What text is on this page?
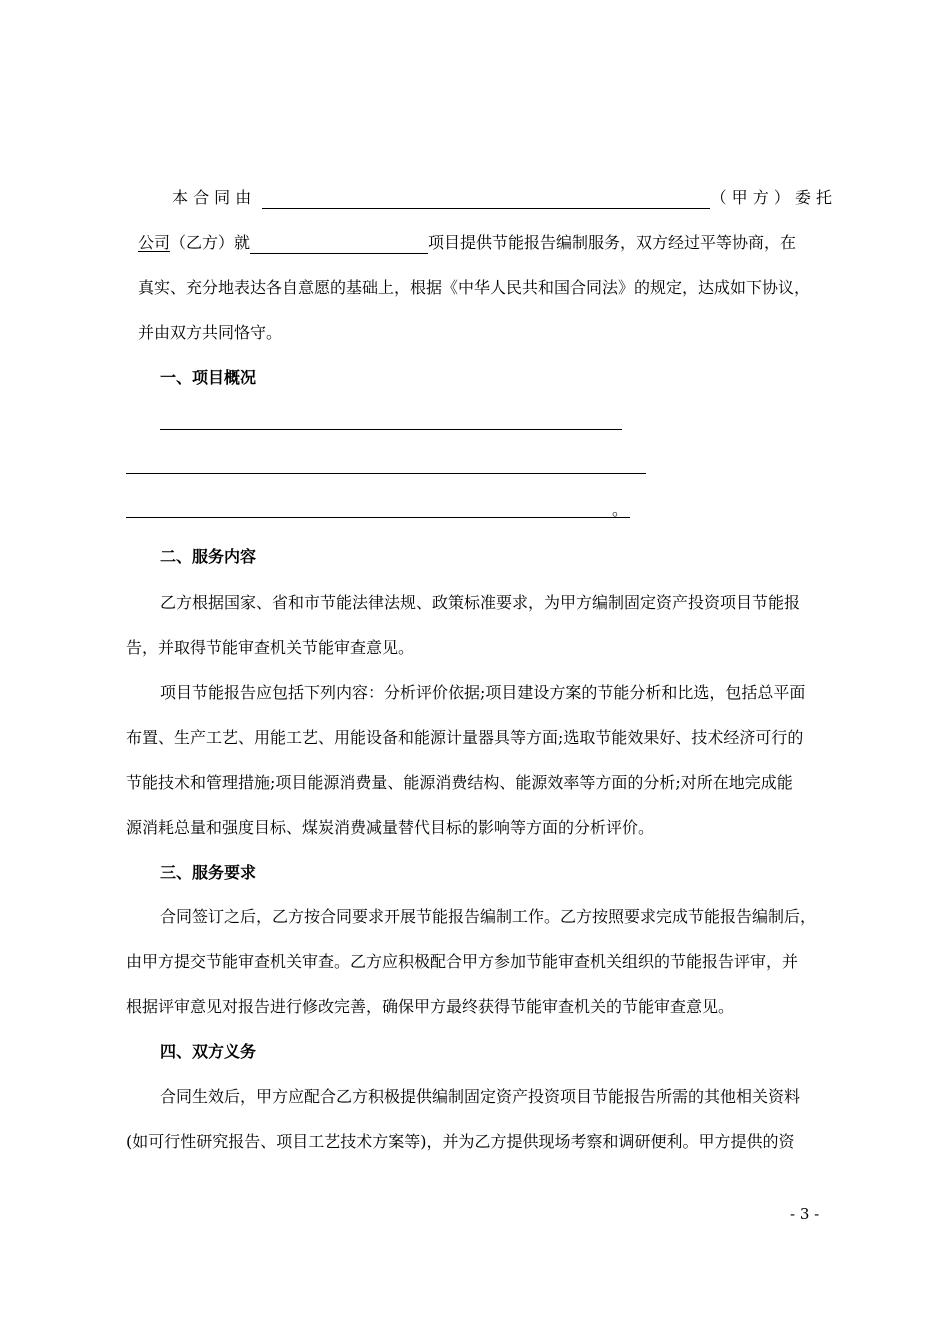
本 合 同 由	（ 甲 方 ） 委 托
公司（乙方）就	项目提供节能报告编制服务，双方经过平等协商，在
真实、充分地表达各自意愿的基础上，根据《中华人民共和国合同法》的规定，达成如下协议，
并由双方共同恪守。
一、项目概况
。
二、服务内容
乙方根据国家、省和市节能法律法规、政策标准要求，为甲方编制固定资产投资项目节能报
告，并取得节能审查机关节能审查意见。
项目节能报告应包括下列内容：分析评价依据;项目建设方案的节能分析和比选，包括总平面
布置、生产工艺、用能工艺、用能设备和能源计量器具等方面;选取节能效果好、技术经济可行的
节能技术和管理措施;项目能源消费量、能源消费结构、能源效率等方面的分析;对所在地完成能
源消耗总量和强度目标、煤炭消费减量替代目标的影响等方面的分析评价。
三、服务要求
合同签订之后，乙方按合同要求开展节能报告编制工作。乙方按照要求完成节能报告编制后，
由甲方提交节能审查机关审查。乙方应积极配合甲方参加节能审查机关组织的节能报告评审，并
根据评审意见对报告进行修改完善，确保甲方最终获得节能审查机关的节能审查意见。
四、双方义务
合同生效后，甲方应配合乙方积极提供编制固定资产投资项目节能报告所需的其他相关资料
(如可行性研究报告、项目工艺技术方案等)，并为乙方提供现场考察和调研便利。甲方提供的资
- 3 -
